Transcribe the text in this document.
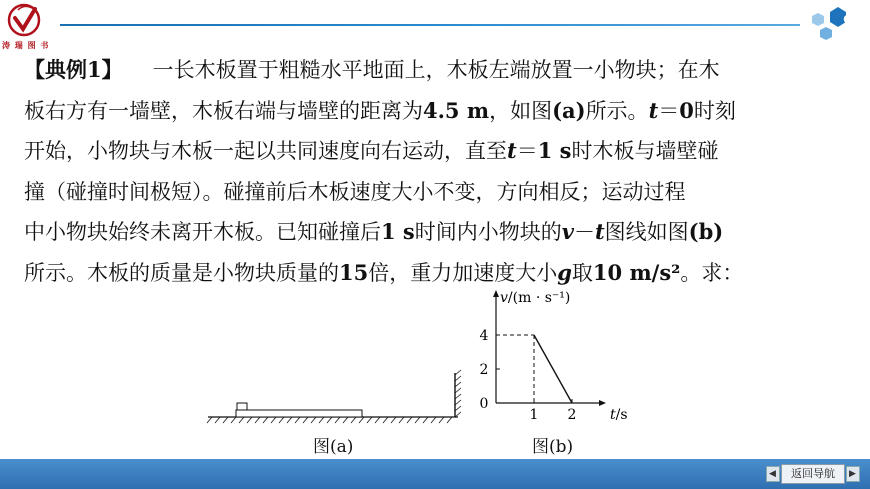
涛 瑞 图 书
6

【典例1】 一长木板置于粗糙水平地面上，木板左端放置一小物块；在木

板右方有一墙壁，木板右端与墙壁的距离为4.5 m，如图(a)所示。t＝0时刻

开始，小物块与木板一起以共同速度向右运动，直至t＝1 s时木板与墙壁碰

撞（碰撞时间极短）。碰撞前后木板速度大小不变，方向相反；运动过程

中小物块始终未离开木板。已知碰撞后1 s时间内小物块的v－t图线如图(b)

所示。木板的质量是小物块质量的15倍，重力加速度大小g取10 m/s²。求：

图(a)
4
2
0
1 2
v/(m · s⁻¹)
t/s
图(b)
◀	返回导航	▶
